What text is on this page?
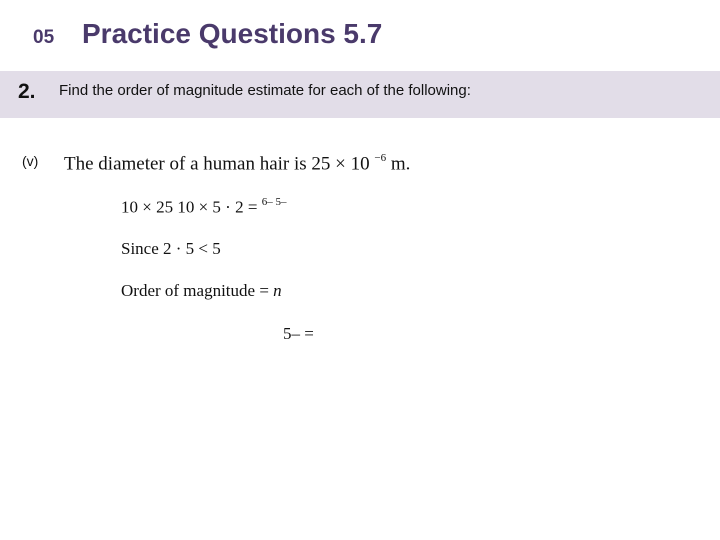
05 Practice Questions 5.7
2. Find the order of magnitude estimate for each of the following:
(v) The diameter of a human hair is 25 × 10 $^{-6}$ m.
10 × 25 10 × 5 · 2 = $^{6- 5-}$
Since 2 · 5 < 5
Order of magnitude = n
5– =
